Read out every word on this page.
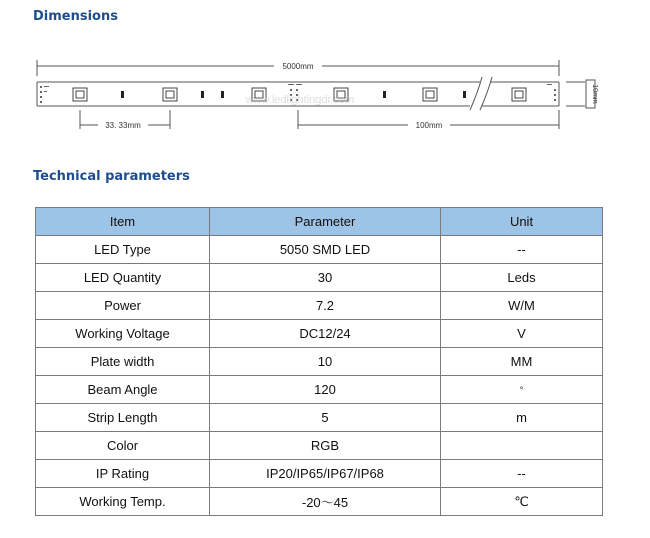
Dimensions
5000mm
10mm
www.ledlightingdr.com
33. 33mm	100mm
Technical parameters
Item	Parameter	Unit
LED Type	5050 SMD LED	--
LED Quantity	30	Leds
Power	7.2	W/M
Working Voltage	DC12/24	V
Plate width	10	MM
Beam Angle	120	°
Strip Length	5	m
Color	RGB	
IP Rating	IP20/IP65/IP67/IP68	--
Working Temp.	-20～45	℃
